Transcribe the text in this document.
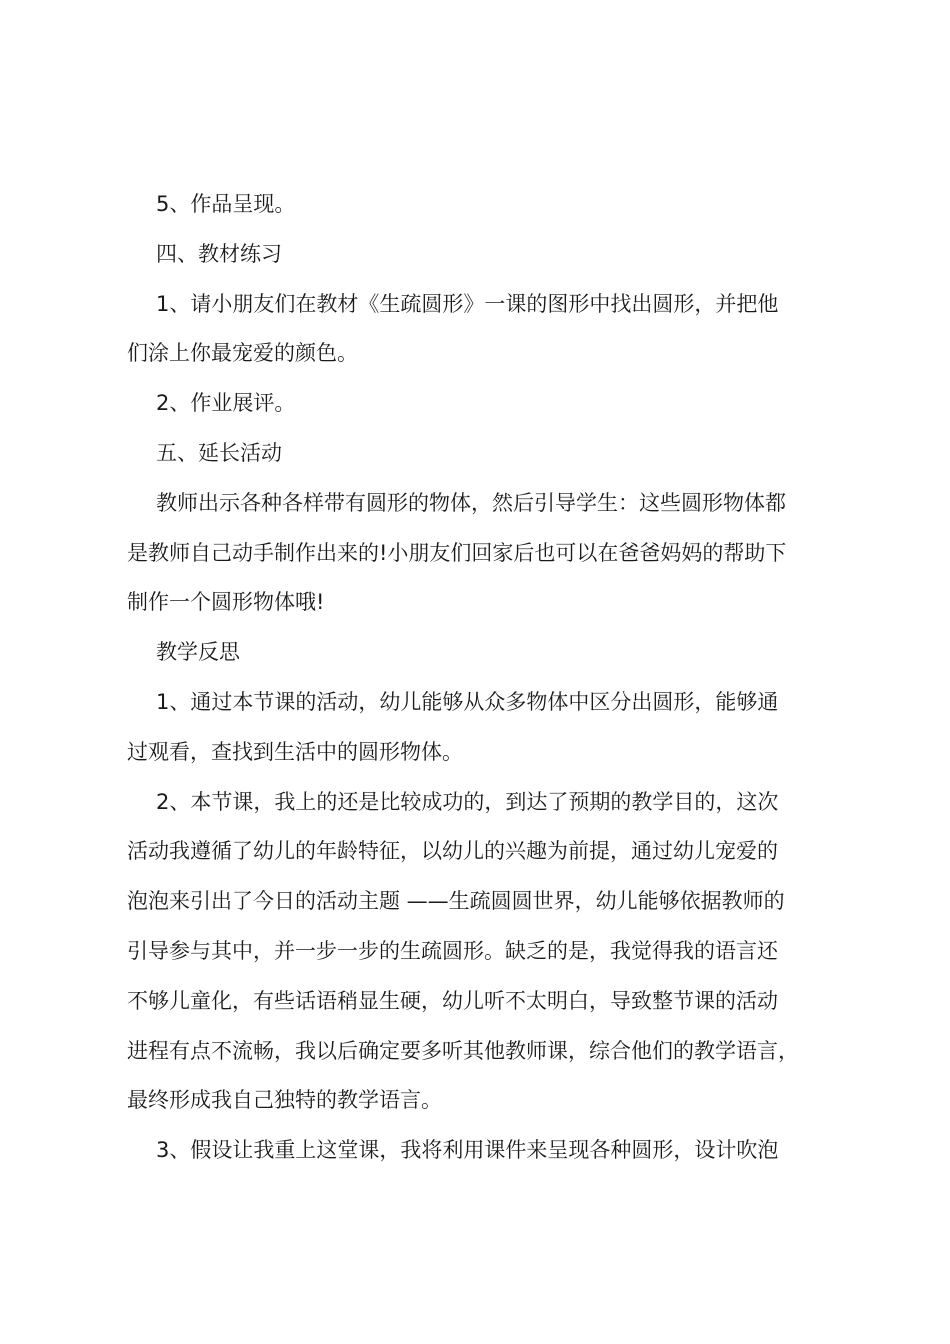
5、作品呈现。
四、教材练习
1、请小朋友们在教材《生疏圆形》一课的图形中找出圆形，并把他
们涂上你最宠爱的颜色。
2、作业展评。
五、延长活动
教师出示各种各样带有圆形的物体，然后引导学生：这些圆形物体都
是教师自己动手制作出来的!小朋友们回家后也可以在爸爸妈妈的帮助下
制作一个圆形物体哦!
教学反思
1、通过本节课的活动，幼儿能够从众多物体中区分出圆形，能够通
过观看，查找到生活中的圆形物体。
2、本节课，我上的还是比较成功的，到达了预期的教学目的，这次
活动我遵循了幼儿的年龄特征，以幼儿的兴趣为前提，通过幼儿宠爱的
泡泡来引出了今日的活动主题 ——生疏圆圆世界，幼儿能够依据教师的
引导参与其中，并一步一步的生疏圆形。缺乏的是，我觉得我的语言还
不够儿童化，有些话语稍显生硬，幼儿听不太明白，导致整节课的活动
进程有点不流畅，我以后确定要多听其他教师课，综合他们的教学语言，
最终形成我自己独特的教学语言。
3、假设让我重上这堂课，我将利用课件来呈现各种圆形，设计吹泡
